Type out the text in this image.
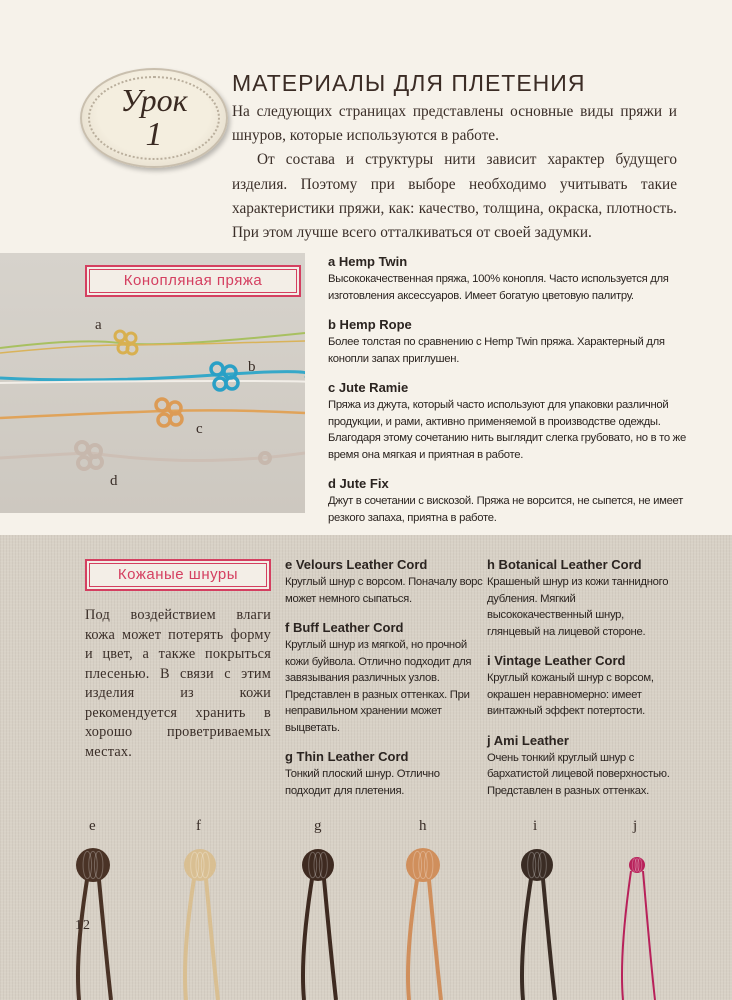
Урок
1
МАТЕРИАЛЫ ДЛЯ ПЛЕТЕНИЯ

На следующих страницах представлены основные виды пряжи и шнуров, которые используются в работе.

От состава и структуры нити зависит характер будущего изделия. Поэтому при выборе необходимо учитывать такие характеристики пряжи, как: качество, толщина, окраска, плотность. При этом лучше всего отталкиваться от своей задумки.

Конопляная пряжа
a
b
c
d
a Hemp Twin
Высококачественная пряжа, 100% конопля. Часто используется для изготовления аксессуаров. Имеет богатую цветовую палитру.
b Hemp Rope
Более толстая по сравнению с Hemp Twin пряжа. Характерный для конопли запах приглушен.
c Jute Ramie
Пряжа из джута, который часто используют для упаковки различной продукции, и рами, активно применяемой в производстве одежды. Благодаря этому сочетанию нить выглядит слегка грубовато, но в то же время она мягкая и приятная в работе.
d Jute Fix
Джут в сочетании с вискозой. Пряжа не ворсится, не сыпется, не имеет резкого запаха, приятна в работе.
Кожаные шнуры
Под воздействием влаги кожа может потерять форму и цвет, а также покрыться плесенью. В связи с этим изделия из кожи рекомендуется хранить в хорошо проветриваемых местах.
e Velours Leather Cord
Круглый шнур с ворсом. Поначалу ворс может немного сыпаться.
f Buff Leather Cord
Круглый шнур из мягкой, но прочной кожи буйвола. Отлично подходит для завязывания различных узлов. Представлен в разных оттенках. При неправильном хранении может выцветать.
g Thin Leather Cord
Тонкий плоский шнур. Отлично подходит для плетения.
h Botanical Leather Cord
Крашеный шнур из кожи таннидного дубления. Мягкий высококачественный шнур, глянцевый на лицевой стороне.
i Vintage Leather Cord
Круглый кожаный шнур с ворсом, окрашен неравномерно: имеет винтажный эффект потертости.
j Ami Leather
Очень тонкий круглый шнур с бархатистой лицевой поверхностью. Представлен в разных оттенках.
e	f	g	h	i	j
12
